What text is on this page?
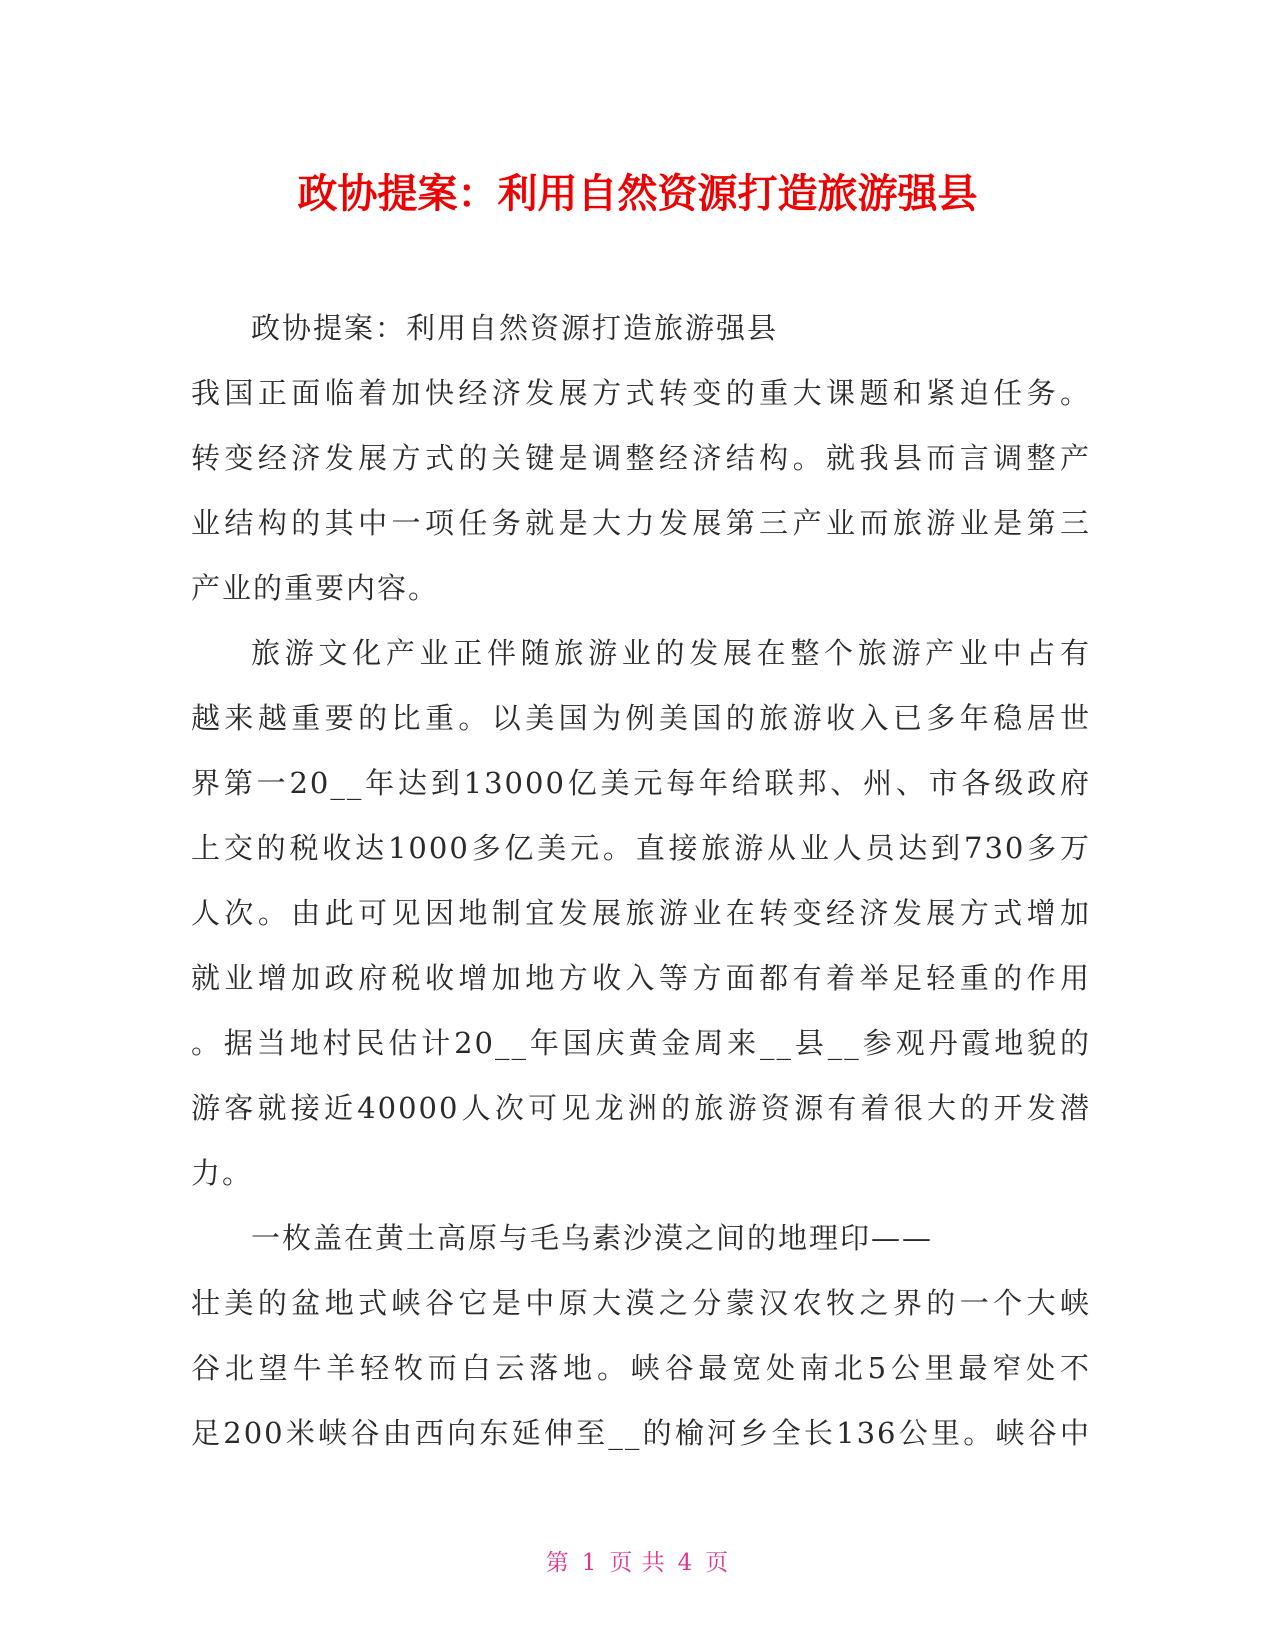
政协提案：利用自然资源打造旅游强县
政协提案：利用自然资源打造旅游强县
我国正面临着加快经济发展方式转变的重大课题和紧迫任务。
转变经济发展方式的关键是调整经济结构。就我县而言调整产
业结构的其中一项任务就是大力发展第三产业而旅游业是第三
产业的重要内容。
旅游文化产业正伴随旅游业的发展在整个旅游产业中占有
越来越重要的比重。以美国为例美国的旅游收入已多年稳居世
界第一20__年达到13000亿美元每年给联邦、州、市各级政府
上交的税收达1000多亿美元。直接旅游从业人员达到730多万
人次。由此可见因地制宜发展旅游业在转变经济发展方式增加
就业增加政府税收增加地方收入等方面都有着举足轻重的作用
。据当地村民估计20__年国庆黄金周来__县__参观丹霞地貌的
游客就接近40000人次可见龙洲的旅游资源有着很大的开发潜
力。
一枚盖在黄土高原与毛乌素沙漠之间的地理印——
壮美的盆地式峡谷它是中原大漠之分蒙汉农牧之界的一个大峡
谷北望牛羊轻牧而白云落地。峡谷最宽处南北5公里最窄处不
足200米峡谷由西向东延伸至__的榆河乡全长136公里。峡谷中
第 1 页 共 4 页
